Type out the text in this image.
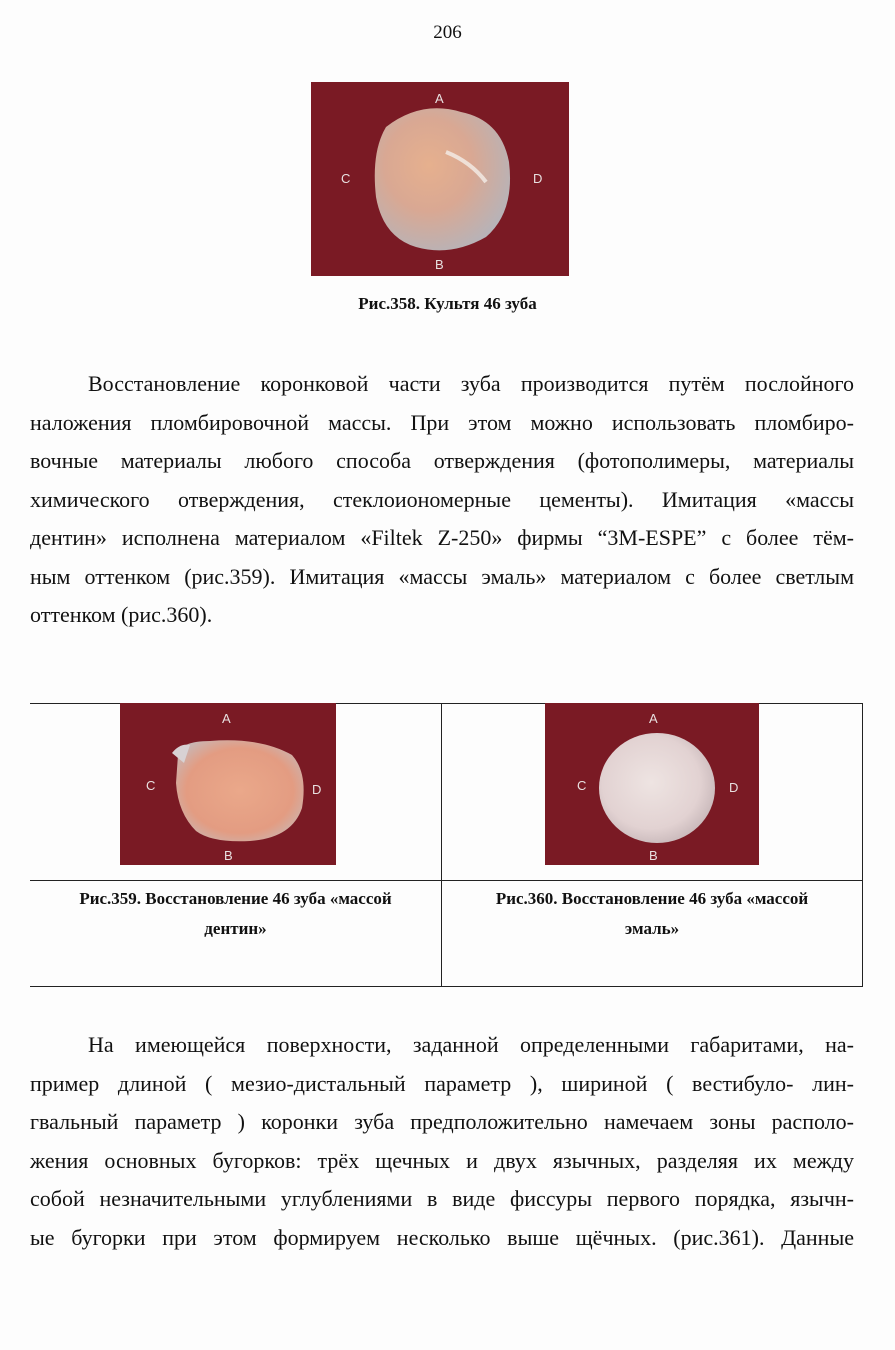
206
A
B
C	D
Рис.358. Культя 46 зуба
Восстановление коронковой части зуба производится путём послойного
наложения пломбировочной массы. При этом можно использовать пломбиро-
вочные материалы любого способа отверждения (фотополимеры, материалы
химического отверждения, стеклоиономерные цементы). Имитация «массы
дентин» исполнена материалом «Filtek Z-250» фирмы “3M-ESPE” с более тём-
ным оттенком (рис.359). Имитация «массы эмаль» материалом с более светлым
оттенком (рис.360).
A
B
C	D
A
B
C	D
Рис.359. Восстановление 46 зуба «массой
дентин»
Рис.360. Восстановление 46 зуба «массой
эмаль»
На имеющейся поверхности, заданной определенными габаритами, на-
пример длиной ( мезио-дистальный параметр ), шириной ( вестибуло- лин-
гвальный параметр ) коронки зуба предположительно намечаем зоны располо-
жения основных бугорков: трёх щечных и двух язычных, разделяя их между
собой незначительными углублениями в виде фиссуры первого порядка, язычн-
ые бугорки при этом формируем несколько выше щёчных. (рис.361). Данные
